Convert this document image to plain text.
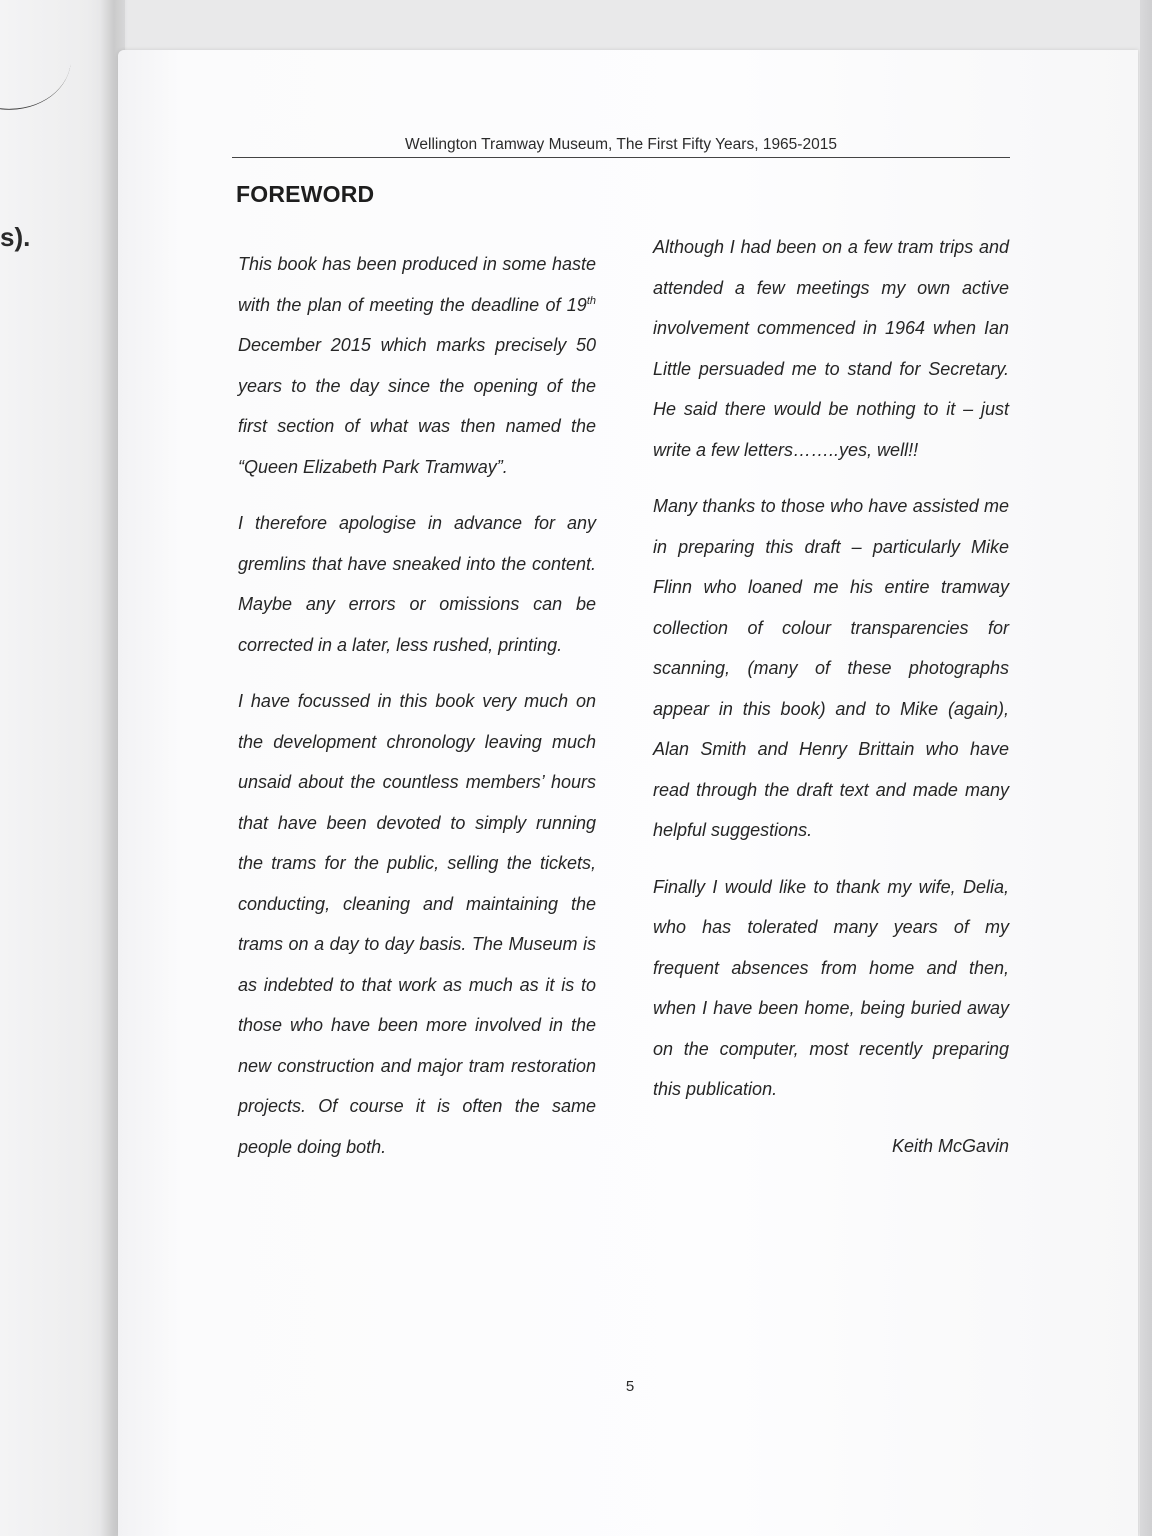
s).
Wellington Tramway Museum, The First Fifty Years, 1965-2015
FOREWORD

This book has been produced in some haste with the plan of meeting the deadline of 19th December 2015 which marks precisely 50 years to the day since the opening of the first section of what was then named the “Queen Elizabeth Park Tramway”.

I therefore apologise in advance for any gremlins that have sneaked into the content. Maybe any errors or omissions can be corrected in a later, less rushed, printing.

I have focussed in this book very much on the development chronology leaving much unsaid about the countless members’ hours that have been devoted to simply running the trams for the public, selling the tickets, conducting, cleaning and maintaining the trams on a day to day basis. The Museum is as indebted to that work as much as it is to those who have been more involved in the new construction and major tram restoration projects. Of course it is often the same people doing both.

Although I had been on a few tram trips and attended a few meetings my own active involvement commenced in 1964 when Ian Little persuaded me to stand for Secretary. He said there would be nothing to it – just write a few letters……..yes, well!!

Many thanks to those who have assisted me in preparing this draft – particularly Mike Flinn who loaned me his entire tramway collection of colour transparencies for scanning, (many of these photographs appear in this book) and to Mike (again), Alan Smith and Henry Brittain who have read through the draft text and made many helpful suggestions.

Finally I would like to thank my wife, Delia, who has tolerated many years of my frequent absences from home and then, when I have been home, being buried away on the computer, most recently preparing this publication.

Keith McGavin

5
